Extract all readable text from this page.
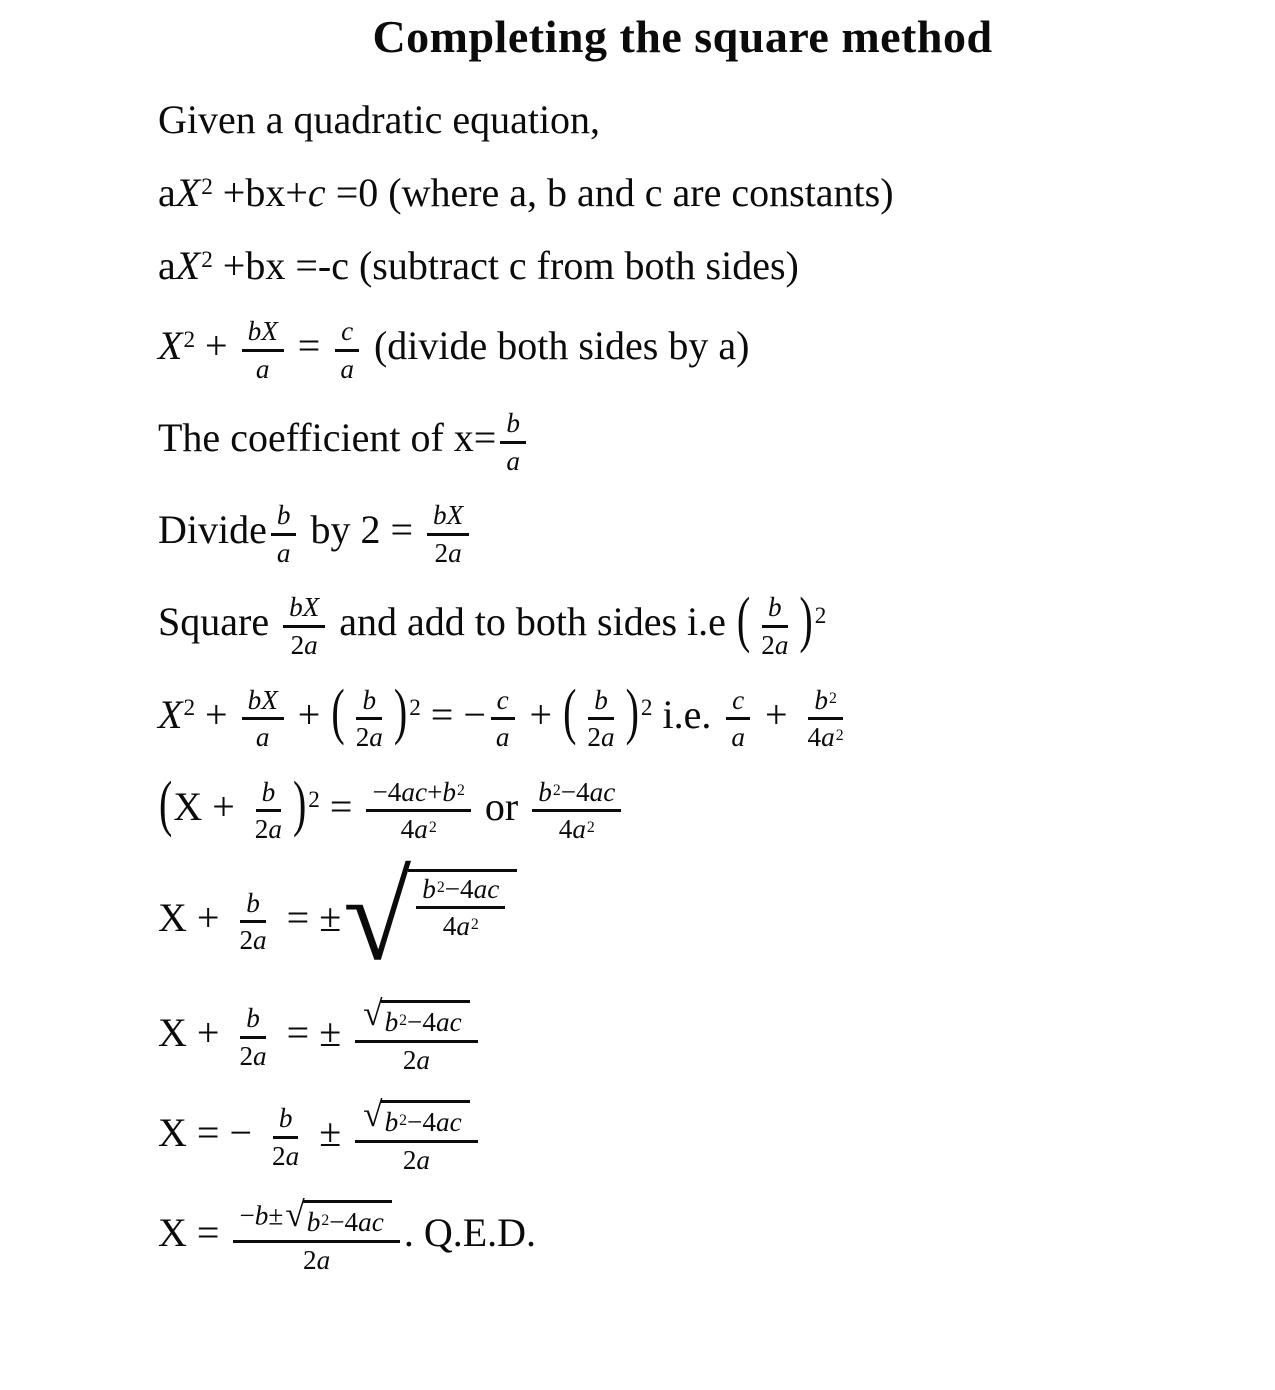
Completing the square method
Given a quadratic equation,
$aX^2 +bx+c =0$ (where a, b and c are constants)
$aX^2 +bx =-c$ (subtract c from both sides)
$X^2 + \frac{bX}{a} = \frac{c}{a}$ (divide both sides by a)
The coefficient of $x= \frac{b}{a}$
Divide $\frac{b}{a}$ by $2 = \frac{bX}{2a}$
Square $\frac{bX}{2a}$ and add to both sides i.e ( $\frac{b}{2a} )^2$
$X^2 + \frac{bX}{a}$ + ( $\frac{b}{2a} )^2$ = − $\frac{c}{a}$ + ( $\frac{b}{2a} )^2$ i.e. $\frac{c}{a} + \frac{b^2}{4a^2}$
$(X + \frac{b}{2a} )^2 = \frac{-4ac+b^2}{4a^2}$ or $\frac{b^2-4ac}{4a^2}$
$X + \frac{b}{2a}$ = ± √ $\frac{b^2-4ac}{4a^2}$
$X + \frac{b}{2a}$ = ± $\frac{√ b^2-4ac}{2a}$
X = − $\frac{b}{2a} \pm \frac{√ b^2-4ac}{2a}$
$X = \frac{-b\pm √ b^2-4ac}{2a}$ . Q.E.D.
